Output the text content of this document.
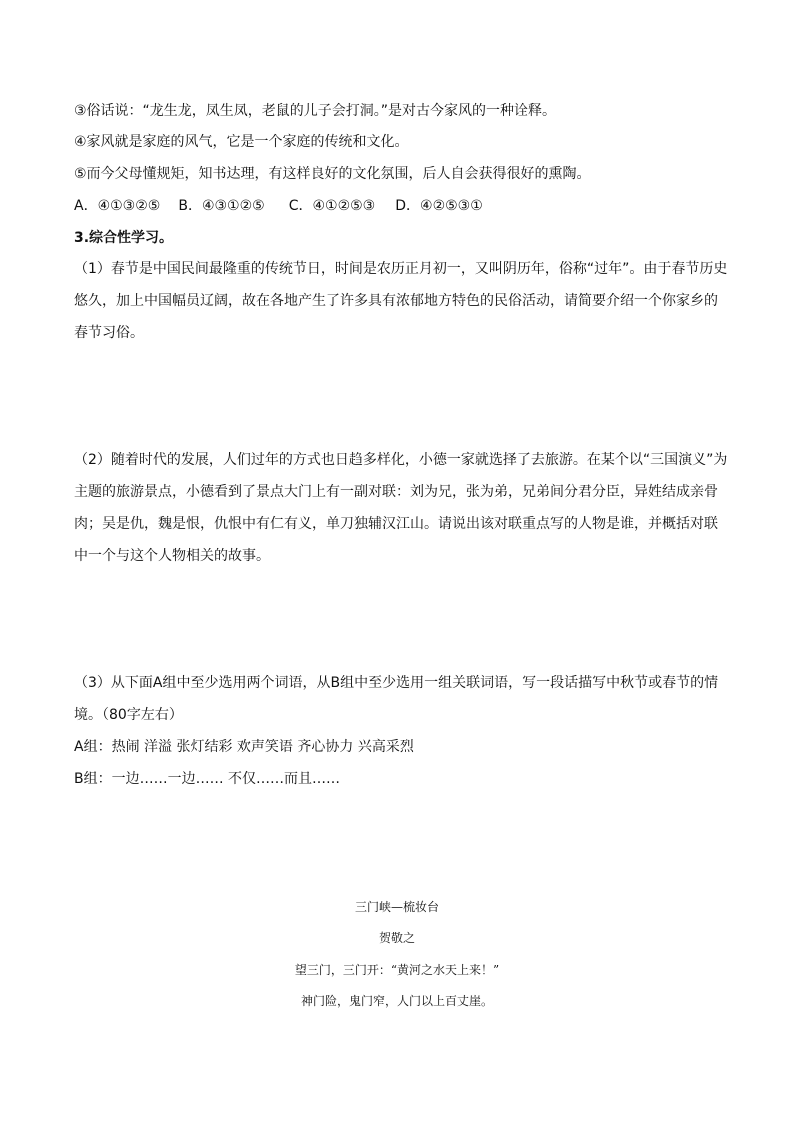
③俗话说：“龙生龙，凤生凤，老鼠的儿子会打洞。”是对古今家风的一种诠释。
④家风就是家庭的风气，它是一个家庭的传统和文化。
⑤而今父母懂规矩，知书达理，有这样良好的文化氛围，后人自会获得很好的熏陶。
A．④①③②⑤ B．④③①②⑤ C．④①②⑤③ D．④②⑤③①
3.综合性学习。
（1）春节是中国民间最隆重的传统节日，时间是农历正月初一，又叫阴历年，俗称“过年”。由于春节历史
悠久，加上中国幅员辽阔，故在各地产生了许多具有浓郁地方特色的民俗活动，请简要介绍一个你家乡的
春节习俗。
（2）随着时代的发展，人们过年的方式也日趋多样化，小德一家就选择了去旅游。在某个以“三国演义”为
主题的旅游景点，小德看到了景点大门上有一副对联：刘为兄，张为弟，兄弟间分君分臣，异姓结成亲骨
肉；吴是仇，魏是恨，仇恨中有仁有义，单刀独辅汉江山。请说出该对联重点写的人物是谁，并概括对联
中一个与这个人物相关的故事。
（3）从下面A组中至少选用两个词语，从B组中至少选用一组关联词语，写一段话描写中秋节或春节的情
境。（80字左右）
A组：热闹 洋溢 张灯结彩 欢声笑语 齐心协力 兴高采烈
B组：一边……一边…… 不仅……而且……
三门峡—梳妆台
贺敬之
望三门，三门开：“黄河之水天上来！”
神门险，鬼门窄，人门以上百丈崖。
